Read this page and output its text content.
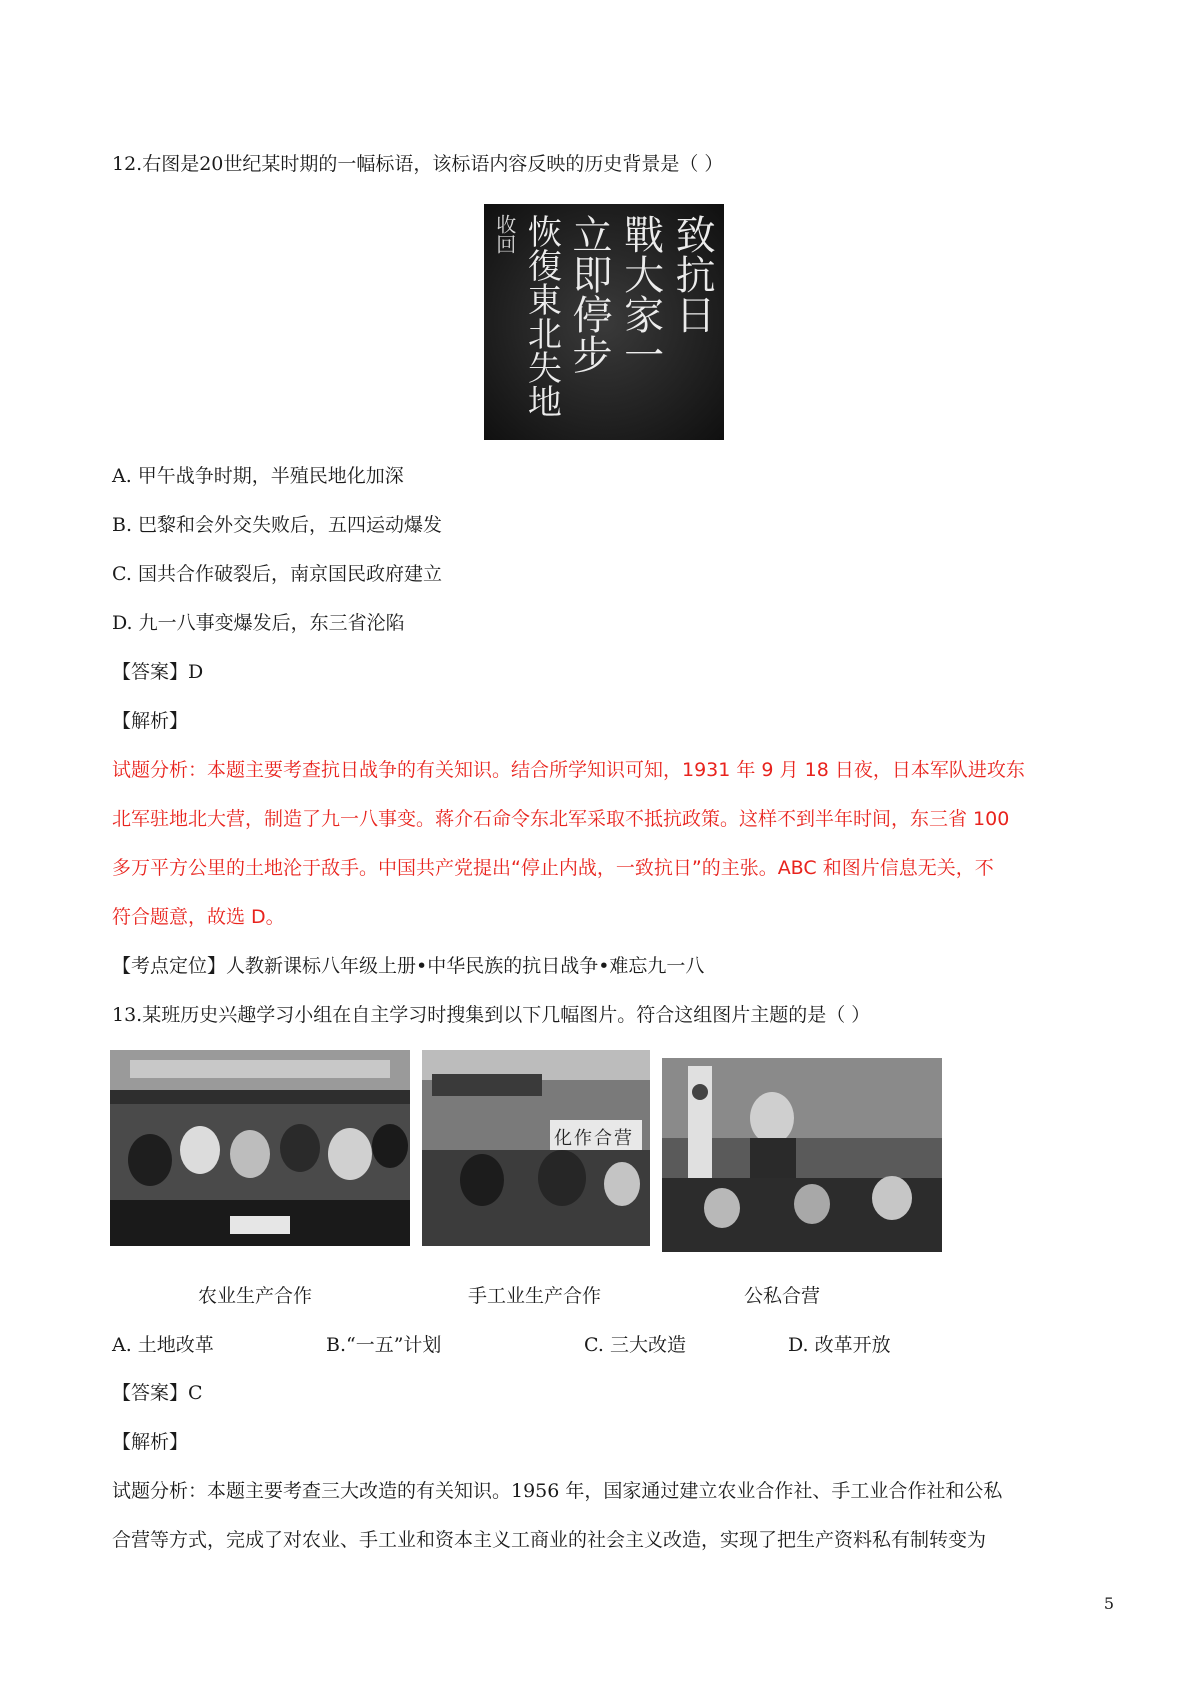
12.右图是20世纪某时期的一幅标语，该标语内容反映的历史背景是（ ）
致抗日
戰大家一
立即停步
恢復東北失地
收回
A. 甲午战争时期，半殖民地化加深
B. 巴黎和会外交失败后，五四运动爆发
C. 国共合作破裂后，南京国民政府建立
D. 九一八事变爆发后，东三省沦陷
【答案】D
【解析】
试题分析：本题主要考查抗日战争的有关知识。结合所学知识可知，1931 年 9 月 18 日夜，日本军队进攻东
北军驻地北大营，制造了九一八事变。蒋介石命令东北军采取不抵抗政策。这样不到半年时间，东三省 100
多万平方公里的土地沦于敌手。中国共产党提出“停止内战，一致抗日”的主张。ABC 和图片信息无关，不
符合题意，故选 D。
【考点定位】人教新课标八年级上册•中华民族的抗日战争•难忘九一八
13.某班历史兴趣学习小组在自主学习时搜集到以下几幅图片。符合这组图片主题的是（ ）
化作合营
农业生产合作	手工业生产合作	公私合营
A. 土地改革	B.“一五”计划	C. 三大改造	D. 改革开放
【答案】C
【解析】
试题分析：本题主要考查三大改造的有关知识。1956 年，国家通过建立农业合作社、手工业合作社和公私
合营等方式，完成了对农业、手工业和资本主义工商业的社会主义改造，实现了把生产资料私有制转变为
5
